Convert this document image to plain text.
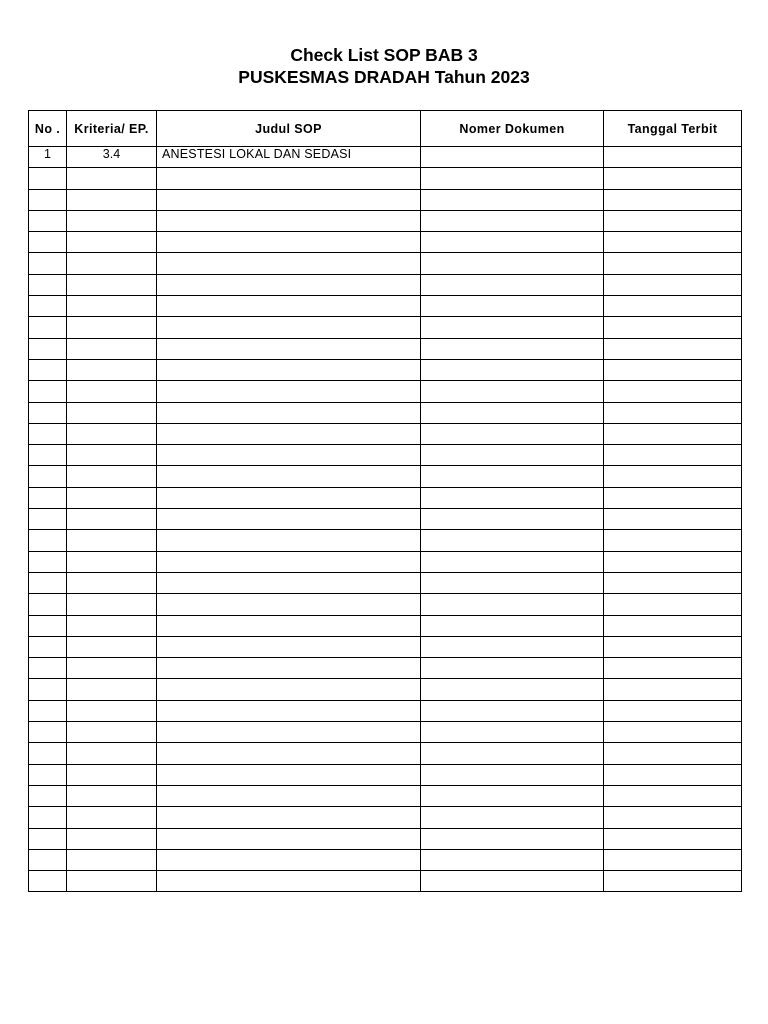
Check List SOP BAB 3
PUSKESMAS DRADAH Tahun 2023
No .	Kriteria/ EP.	Judul SOP	Nomer Dokumen	Tanggal Terbit
1	3.4	ANESTESI LOKAL DAN SEDASI		
